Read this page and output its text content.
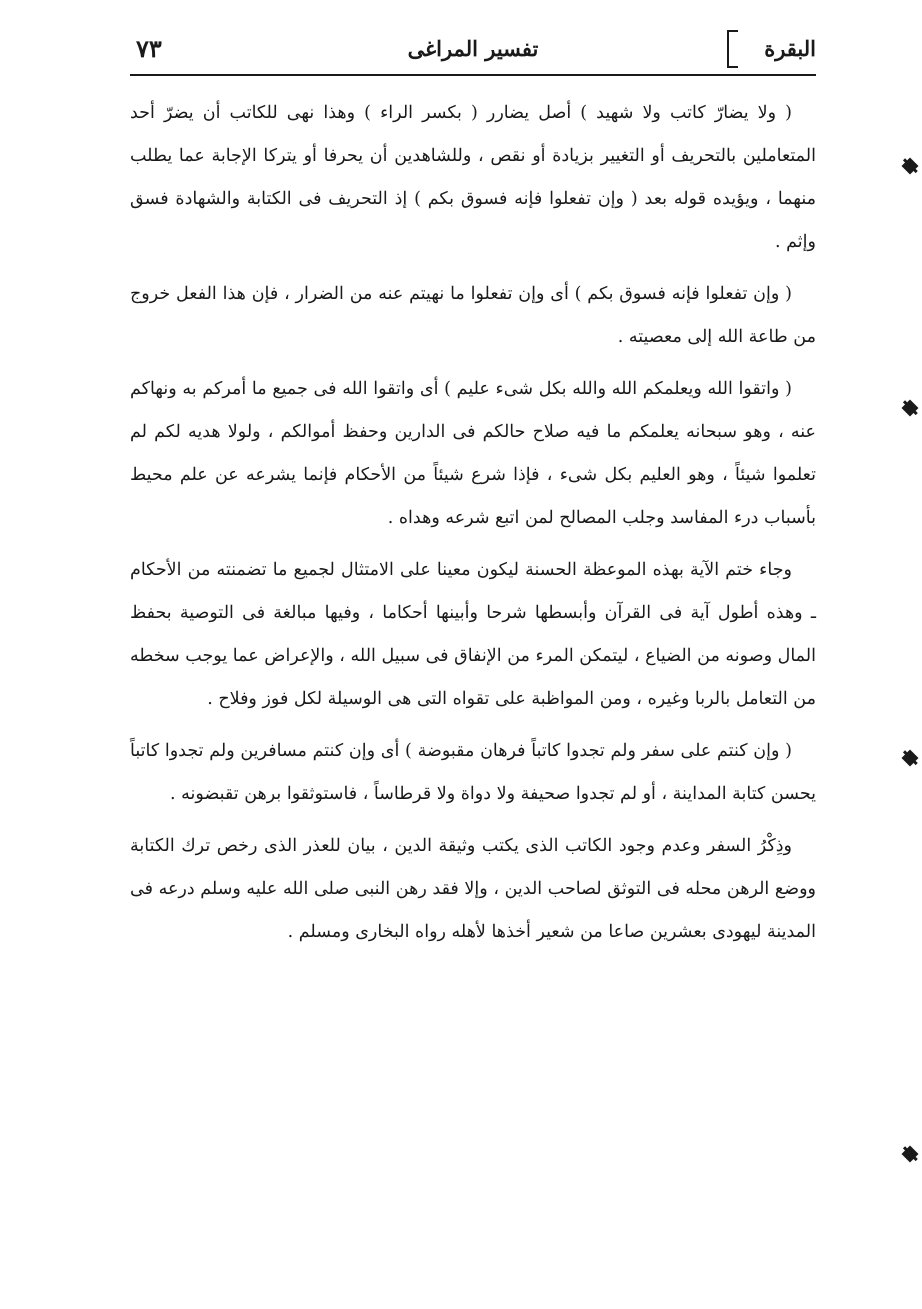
البقرة
تفسير المراغى
٧٣

( ولا يضارّ كاتب ولا شهيد ) أصل يضارر ( بكسر الراء ) وهذا نهى للكاتب أن يضرّ أحد المتعاملين بالتحريف أو التغيير بزيادة أو نقص ، وللشاهدين أن يحرفا أو يتركا الإجابة عما يطلب منهما ، ويؤيده قوله بعد ( وإن تفعلوا فإنه فسوق بكم ) إذ التحريف فى الكتابة والشهادة فسق وإثم .

( وإن تفعلوا فإنه فسوق بكم ) أى وإن تفعلوا ما نهيتم عنه من الضرار ، فإن هذا الفعل خروج من طاعة الله إلى معصيته .

( واتقوا الله ويعلمكم الله والله بكل شىء عليم ) أى واتقوا الله فى جميع ما أمركم به ونهاكم عنه ، وهو سبحانه يعلمكم ما فيه صلاح حالكم فى الدارين وحفظ أموالكم ، ولولا هديه لكم لم تعلموا شيئاً ، وهو العليم بكل شىء ، فإذا شرع شيئاً من الأحكام فإنما يشرعه عن علم محيط بأسباب درء المفاسد وجلب المصالح لمن اتبع شرعه وهداه .

وجاء ختم الآية بهذه الموعظة الحسنة ليكون معينا على الامتثال لجميع ما تضمنته من الأحكام ـ وهذه أطول آية فى القرآن وأبسطها شرحا وأبينها أحكاما ، وفيها مبالغة فى التوصية بحفظ المال وصونه من الضياع ، ليتمكن المرء من الإنفاق فى سبيل الله ، والإعراض عما يوجب سخطه من التعامل بالربا وغيره ، ومن المواظبة على تقواه التى هى الوسيلة لكل فوز وفلاح .

( وإن كنتم على سفر ولم تجدوا كاتباً فرهان مقبوضة ) أى وإن كنتم مسافرين ولم تجدوا كاتباً يحسن كتابة المداينة ، أو لم تجدوا صحيفة ولا دواة ولا قرطاساً ، فاستوثقوا برهن تقبضونه .

وذِكْرُ السفر وعدم وجود الكاتب الذى يكتب وثيقة الدين ، بيان للعذر الذى رخص ترك الكتابة ووضع الرهن محله فى التوثق لصاحب الدين ، وإلا فقد رهن النبى صلى الله عليه وسلم درعه فى المدينة ليهودى بعشرين صاعا من شعير أخذها لأهله رواه البخارى ومسلم .
